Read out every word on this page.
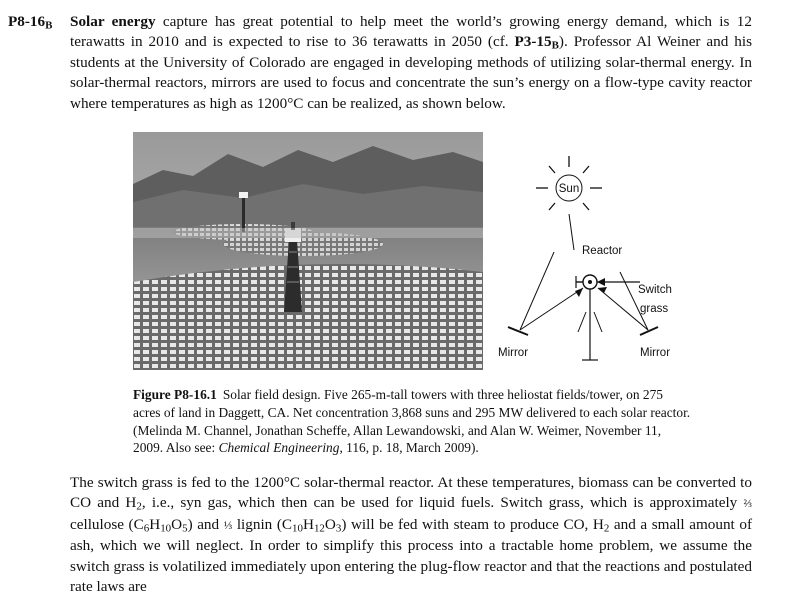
$P8-16_B$ Solar energy capture has great potential to help meet the world’s growing energy demand, which is 12 terawatts in 2010 and is expected to rise to 36 terawatts in 2050 (cf. $P3-15_B$). Professor Al Weiner and his students at the University of Colorado are engaged in developing methods of utilizing solar-thermal energy. In solar-thermal reactors, mirrors are used to focus and concentrate the sun’s energy on a flow-type cavity reactor where temperatures as high as 1200°C can be realized, as shown below.
Sun
Reactor
Switch
grass
Mirror	Mirror
Figure P8-16.1 Solar field design. Five 265-m-tall towers with three heliostat fields/tower, on 275 acres of land in Daggett, CA. Net concentration 3,868 suns and 295 MW delivered to each solar reactor. (Melinda M. Channel, Jonathan Scheffe, Allan Lewandowski, and Alan W. Weimer, November 11, 2009. Also see: Chemical Engineering, 116, p. 18, March 2009).
The switch grass is fed to the 1200°C solar-thermal reactor. At these temperatures, biomass can be converted to CO and $H_2$, i.e., syn gas, which then can be used for liquid fuels. Switch grass, which is approximately ⅔ cellulose $(C_6H_{10}O_5)$ and ⅓ lignin $(C_{10}H_{12}O_3)$ will be fed with steam to produce CO, $H_2$ and a small amount of ash, which we will neglect. In order to simplify this process into a tractable home problem, we assume the switch grass is volatilized immediately upon entering the plug-flow reactor and that the reactions and postulated rate laws are
